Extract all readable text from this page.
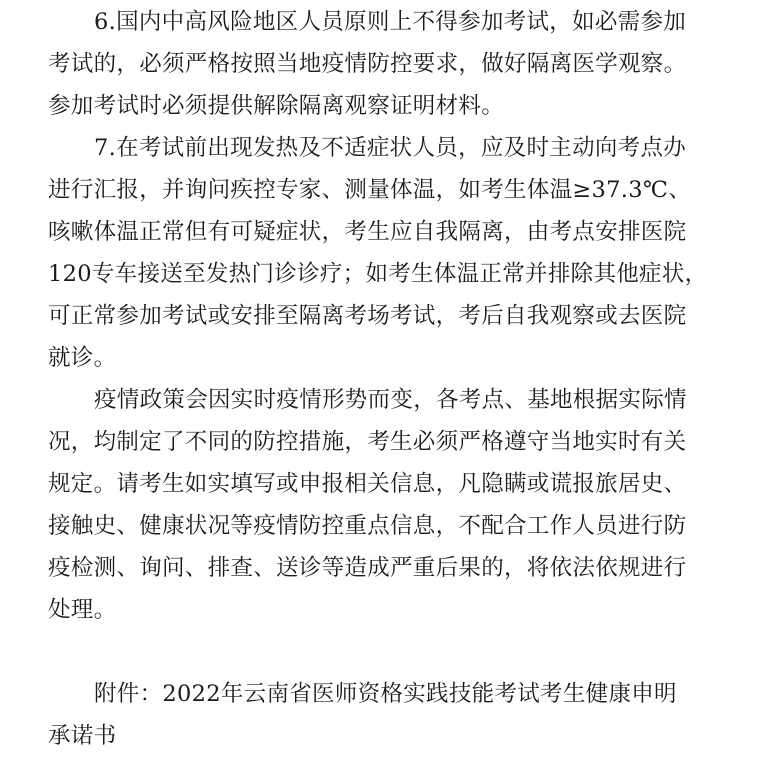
6.国内中高风险地区人员原则上不得参加考试，如必需参加
考试的，必须严格按照当地疫情防控要求，做好隔离医学观察。
参加考试时必须提供解除隔离观察证明材料。
7.在考试前出现发热及不适症状人员，应及时主动向考点办
进行汇报，并询问疾控专家、测量体温，如考生体温≥37.3℃、
咳嗽体温正常但有可疑症状，考生应自我隔离，由考点安排医院
120专车接送至发热门诊诊疗；如考生体温正常并排除其他症状，
可正常参加考试或安排至隔离考场考试，考后自我观察或去医院
就诊。
疫情政策会因实时疫情形势而变，各考点、基地根据实际情
况，均制定了不同的防控措施，考生必须严格遵守当地实时有关
规定。请考生如实填写或申报相关信息，凡隐瞒或谎报旅居史、
接触史、健康状况等疫情防控重点信息，不配合工作人员进行防
疫检测、询问、排查、送诊等造成严重后果的，将依法依规进行
处理。
附件：2022年云南省医师资格实践技能考试考生健康申明
承诺书
